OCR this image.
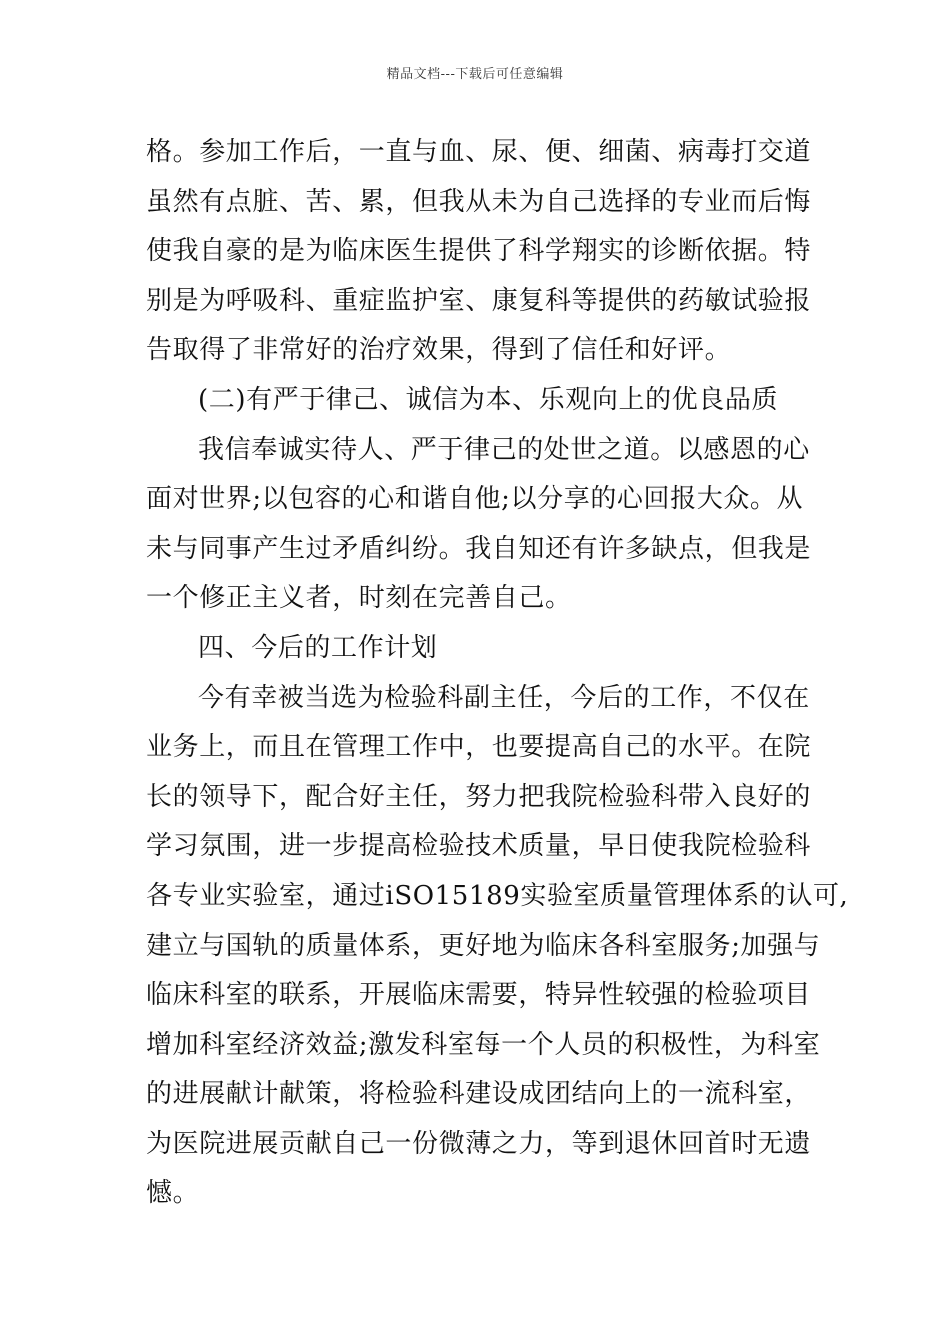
精品文档---下载后可任意编辑
格。参加工作后，一直与血、尿、便、细菌、病毒打交道
虽然有点脏、苦、累，但我从未为自己选择的专业而后悔
使我自豪的是为临床医生提供了科学翔实的诊断依据。特
别是为呼吸科、重症监护室、康复科等提供的药敏试验报
告取得了非常好的治疗效果，得到了信任和好评。
(二)有严于律己、诚信为本、乐观向上的优良品质
我信奉诚实待人、严于律己的处世之道。以感恩的心
面对世界;以包容的心和谐自他;以分享的心回报大众。从
未与同事产生过矛盾纠纷。我自知还有许多缺点，但我是
一个修正主义者，时刻在完善自己。
四、今后的工作计划
今有幸被当选为检验科副主任，今后的工作，不仅在
业务上，而且在管理工作中，也要提高自己的水平。在院
长的领导下，配合好主任，努力把我院检验科带入良好的
学习氛围，进一步提高检验技术质量，早日使我院检验科
各专业实验室，通过iSO15189实验室质量管理体系的认可,
建立与国轨的质量体系，更好地为临床各科室服务;加强与
临床科室的联系，开展临床需要，特异性较强的检验项目
增加科室经济效益;激发科室每一个人员的积极性，为科室
的进展献计献策，将检验科建设成团结向上的一流科室，
为医院进展贡献自己一份微薄之力，等到退休回首时无遗
憾。
